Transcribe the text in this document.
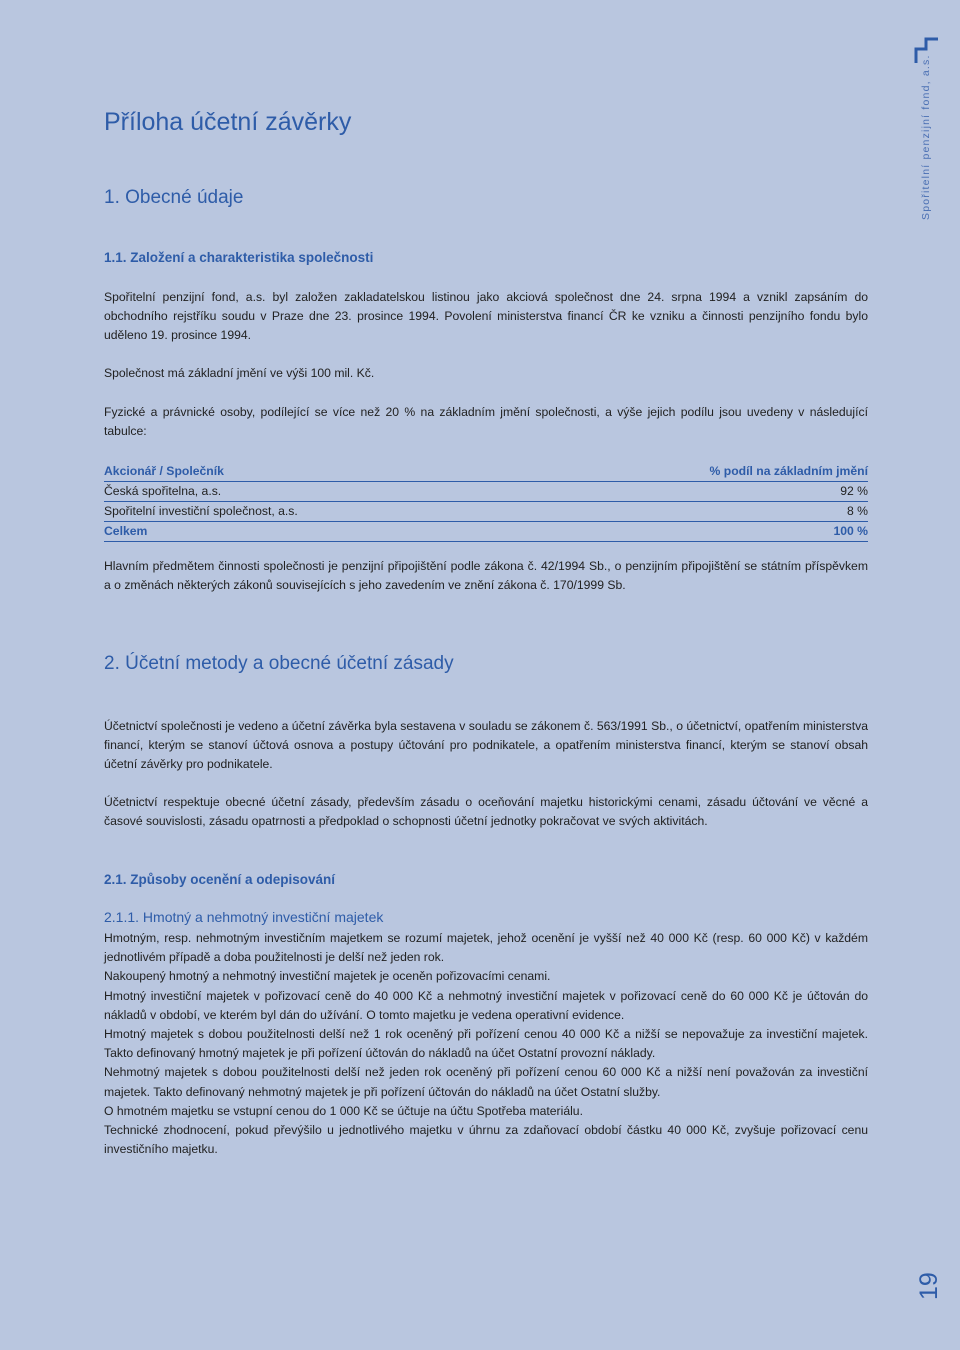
Spořitelní penzijní fond, a.s.
19
Příloha účetní závěrky
1. Obecné údaje
1.1. Založení a charakteristika společnosti

Spořitelní penzijní fond, a.s. byl založen zakladatelskou listinou jako akciová společnost dne 24. srpna 1994 a vznikl zapsáním do obchodního rejstříku soudu v Praze dne 23. prosince 1994. Povolení ministerstva financí ČR ke vzniku a činnosti penzijního fondu bylo uděleno 19. prosince 1994.

Společnost má základní jmění ve výši 100 mil. Kč.

Fyzické a právnické osoby, podílející se více než 20 % na základním jmění společnosti, a výše jejich podílu jsou uvedeny v následující tabulce:

Akcionář / Společník	% podíl na základním jmění
Česká spořitelna, a.s.	92 %
Spořitelní investiční společnost, a.s.	8 %
Celkem	100 %

Hlavním předmětem činnosti společnosti je penzijní připojištění podle zákona č. 42/1994 Sb., o penzijním připojištění se státním příspěvkem a o změnách některých zákonů souvisejících s jeho zavedením ve znění zákona č. 170/1999 Sb.

2. Účetní metody a obecné účetní zásady

Účetnictví společnosti je vedeno a účetní závěrka byla sestavena v souladu se zákonem č. 563/1991 Sb., o účetnictví, opatřením ministerstva financí, kterým se stanoví účtová osnova a postupy účtování pro podnikatele, a opatřením ministerstva financí, kterým se stanoví obsah účetní závěrky pro podnikatele.

Účetnictví respektuje obecné účetní zásady, především zásadu o oceňování majetku historickými cenami, zásadu účtování ve věcné a časové souvislosti, zásadu opatrnosti a předpoklad o schopnosti účetní jednotky pokračovat ve svých aktivitách.

2.1. Způsoby ocenění a odepisování
2.1.1. Hmotný a nehmotný investiční majetek
Hmotným, resp. nehmotným investičním majetkem se rozumí majetek, jehož ocenění je vyšší než 40 000 Kč (resp. 60 000 Kč) v každém jednotlivém případě a doba použitelnosti je delší než jeden rok.
Nakoupený hmotný a nehmotný investiční majetek je oceněn pořizovacími cenami.
Hmotný investiční majetek v pořizovací ceně do 40 000 Kč a nehmotný investiční majetek v pořizovací ceně do 60 000 Kč je účtován do nákladů v období, ve kterém byl dán do užívání. O tomto majetku je vedena operativní evidence.
Hmotný majetek s dobou použitelnosti delší než 1 rok oceněný při pořízení cenou 40 000 Kč a nižší se nepovažuje za investiční majetek. Takto definovaný hmotný majetek je při pořízení účtován do nákladů na účet Ostatní provozní náklady.
Nehmotný majetek s dobou použitelnosti delší než jeden rok oceněný při pořízení cenou 60 000 Kč a nižší není považován za investiční majetek. Takto definovaný nehmotný majetek je při pořízení účtován do nákladů na účet Ostatní služby.
O hmotném majetku se vstupní cenou do 1 000 Kč se účtuje na účtu Spotřeba materiálu.
Technické zhodnocení, pokud převýšilo u jednotlivého majetku v úhrnu za zdaňovací období částku 40 000 Kč, zvyšuje pořizovací cenu investičního majetku.
